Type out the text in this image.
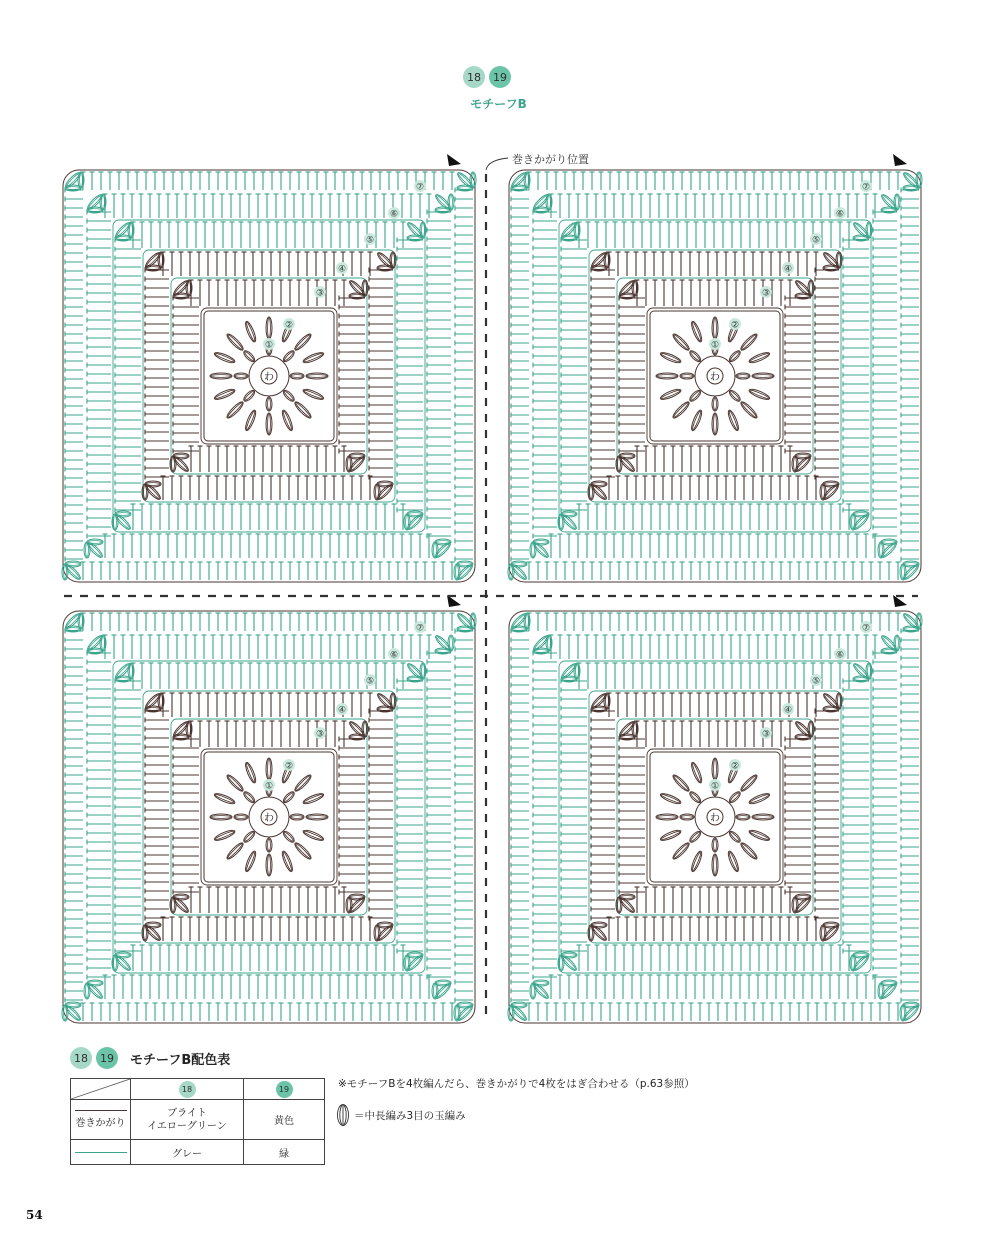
18	19
モチーフB
わ
①
②
③
④
⑤
⑥
⑦
わ
①
②
③
④
⑤
⑥
⑦
わ
①
②
③
④
⑤
⑥
⑦
わ
①
②
③
④
⑤
⑥
⑦
巻きかがり位置
18	19	モチーフB配色表
	18	19

巻きかがり	ブライト
イエローグリーン	黄色

	グレー	緑
※モチーフBを4枚編んだら、巻きかがりで4枚をはぎ合わせる（p.63参照）
＝中長編み3目の玉編み
54
